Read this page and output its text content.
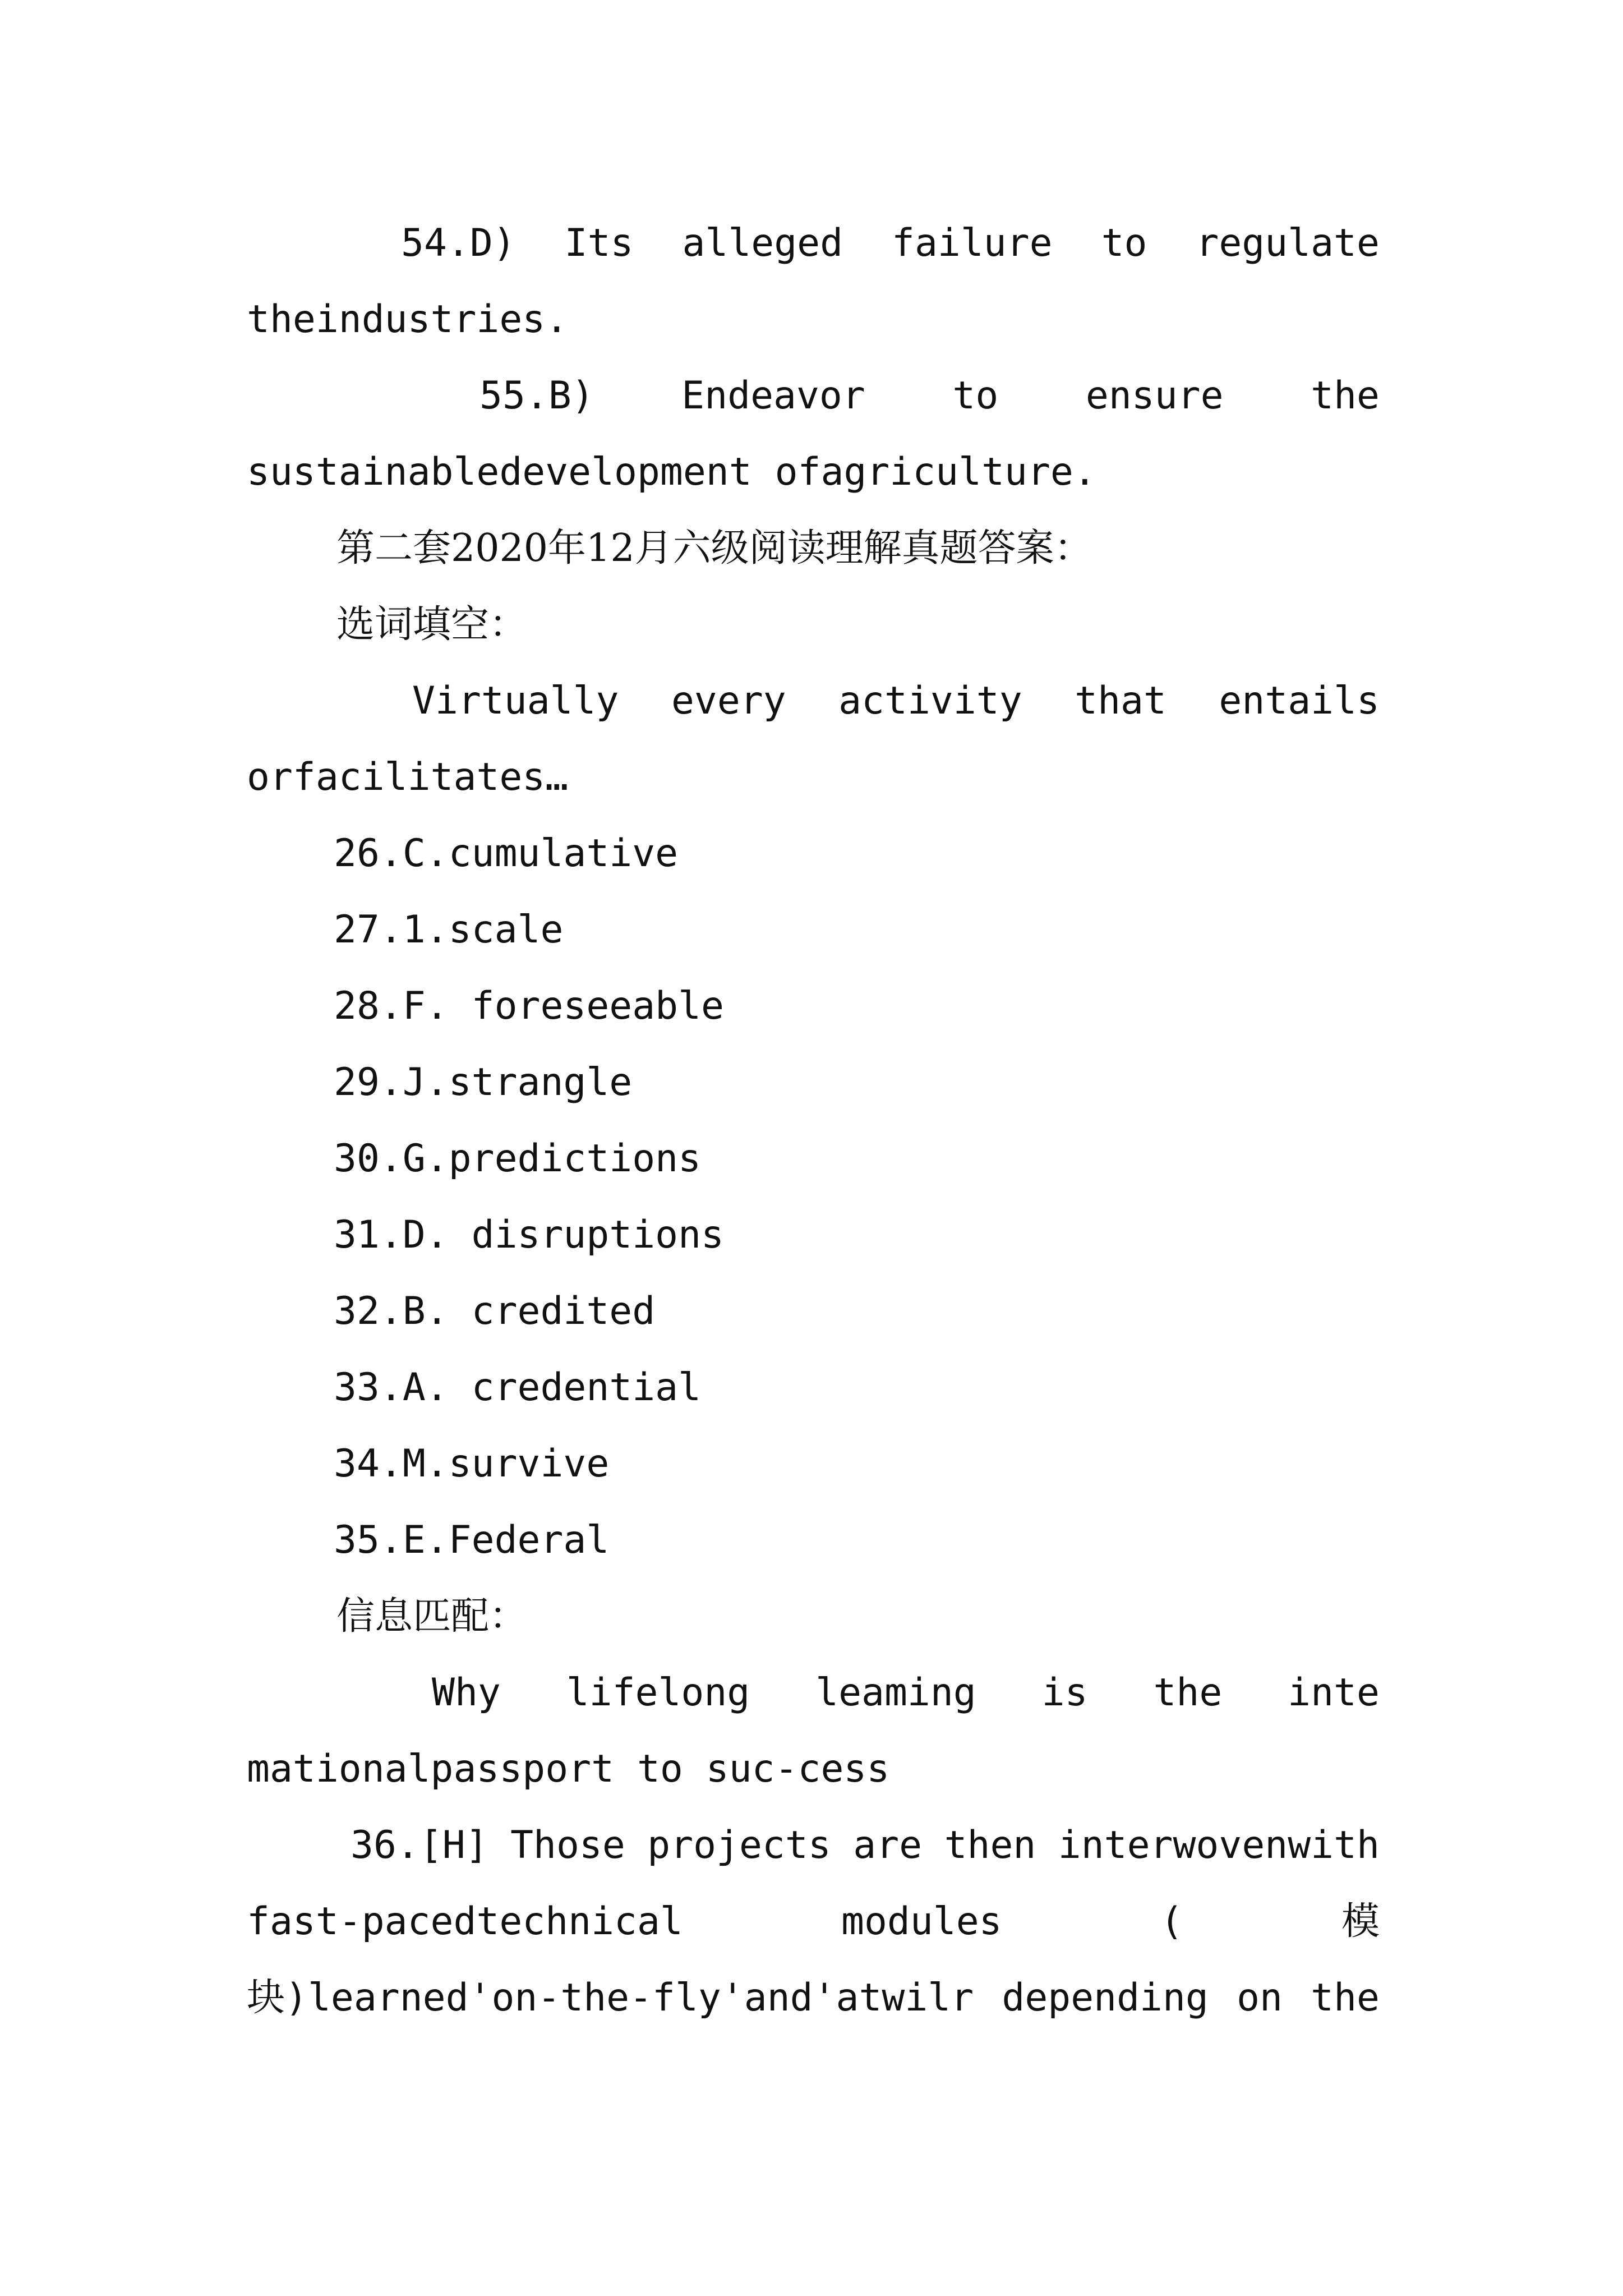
54.D) Its alleged failure to regulate
theindustries.
55.B) Endeavor to ensure the
sustainabledevelopment ofagriculture.
第二套2020年12月六级阅读理解真题答案：
选词填空：
Virtually every activity that entails
orfacilitates…
26.C.cumulative
27.1.scale
28.F. foreseeable
29.J.strangle
30.G.predictions
31.D. disruptions
32.B. credited
33.A. credential
34.M.survive
35.E.Federal
信息匹配：
Why lifelong leaming is the inte
mationalpassport to suc-cess
36.[H] Those projects are then interwovenwith
fast-pacedtechnical	modules	(	模
块)learned'on-the-fly'and'atwilr depending on the
